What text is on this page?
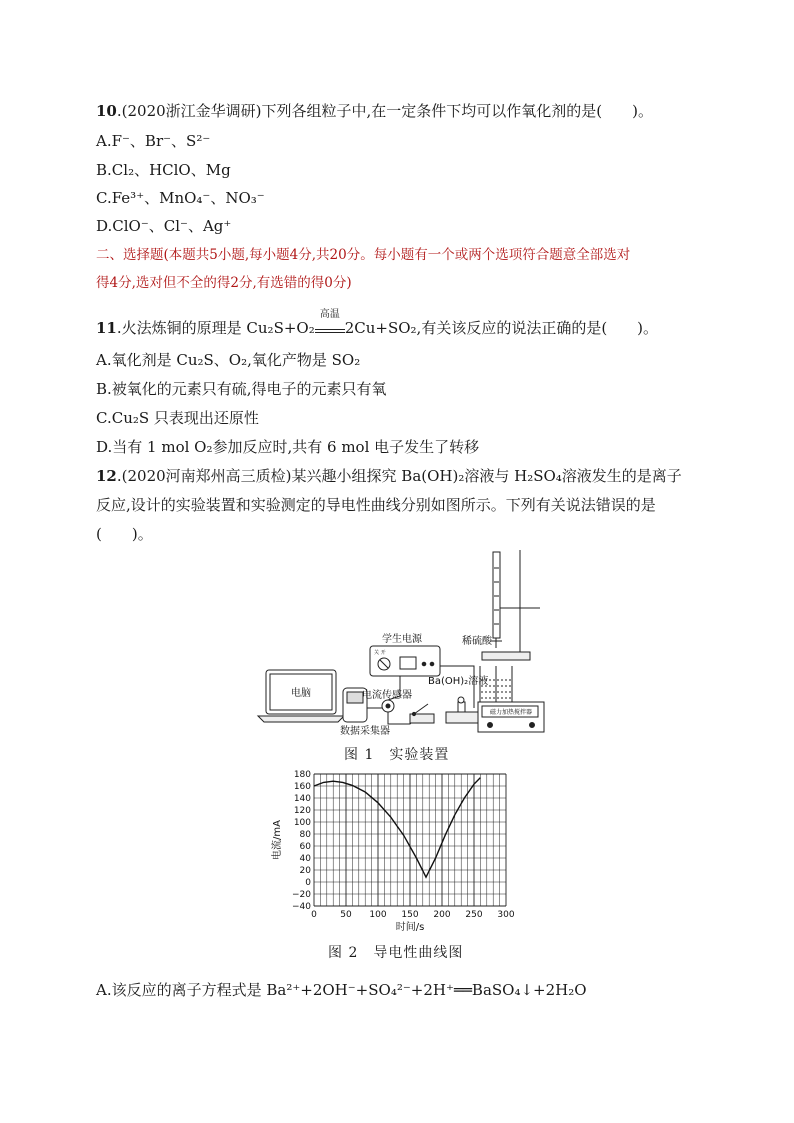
10.(2020浙江金华调研)下列各组粒子中,在一定条件下均可以作氧化剂的是(　　)。
A.F⁻、Br⁻、S²⁻
B.Cl₂、HClO、Mg
C.Fe³⁺、MnO₄⁻、NO₃⁻
D.ClO⁻、Cl⁻、Ag⁺
二、选择题(本题共5小题,每小题4分,共20分。每小题有一个或两个选项符合题意全部选对
得4分,选对但不全的得2分,有选错的得0分)
11.火法炼铜的原理是 Cu₂S+O₂
高温
2Cu+SO₂,有关该反应的说法正确的是(　　)。
A.氧化剂是 Cu₂S、O₂,氧化产物是 SO₂
B.被氧化的元素只有硫,得电子的元素只有氧
C.Cu₂S 只表现出还原性
D.当有 1 mol O₂参加反应时,共有 6 mol 电子发生了转移
12.(2020河南郑州高三质检)某兴趣小组探究 Ba(OH)₂溶液与 H₂SO₄溶液发生的是离子
反应,设计的实验装置和实验测定的导电性曲线分别如图所示。下列有关说法错误的是
(　　)。
电脑
数据采集器
电流传感器
学生电源
关 开
稀硫酸
Ba(OH)₂溶液
磁力加热搅拌器
图 1　实验装置
−40
−20
0
20
40
60
80
100
120
140
160
180
0	50 100 150 200 250 300
时间/s
电流/mA
图 2　导电性曲线图
A.该反应的离子方程式是 Ba²⁺+2OH⁻+SO₄²⁻+2H⁺══BaSO₄↓+2H₂O
